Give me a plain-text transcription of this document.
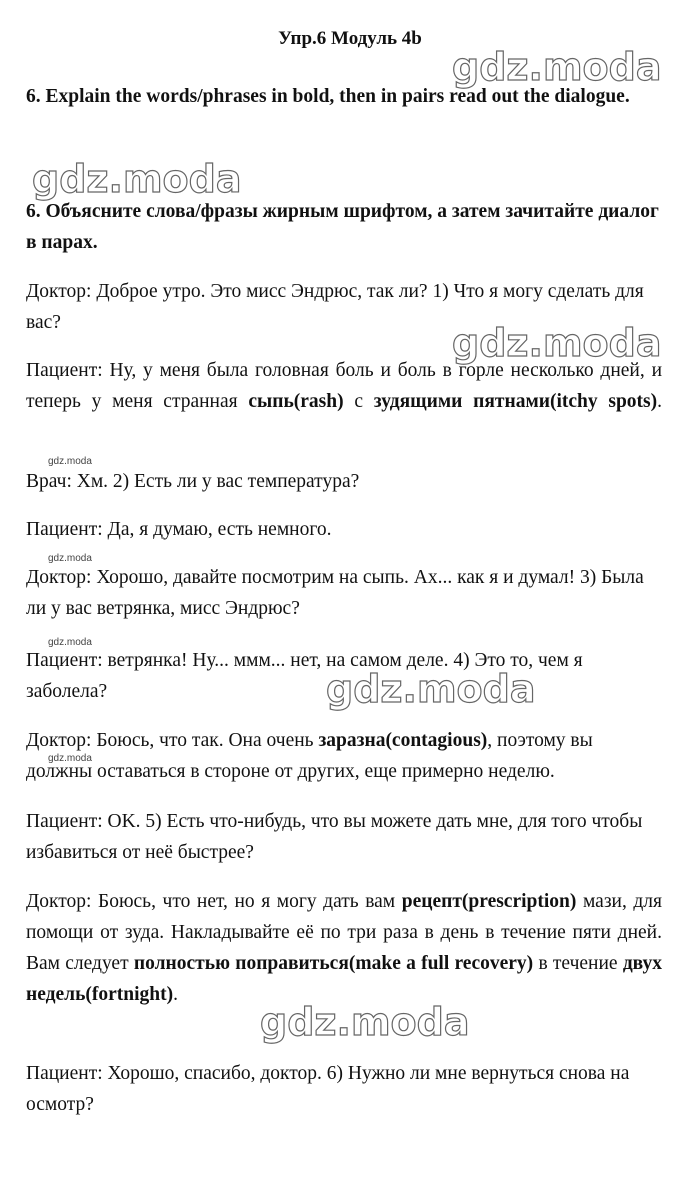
Упр.6 Модуль 4b
gdz.moda
gdz.moda
gdz.moda
gdz.moda
gdz.moda
gdz.moda
gdz.moda
gdz.moda
gdz.moda

6. Explain the words/phrases in bold, then in pairs read out the dialogue.

6. Объясните слова/фразы жирным шрифтом, а затем зачитайте диалог в парах.

Доктор: Доброе утро. Это мисс Эндрюс, так ли? 1) Что я могу сделать для вас?

Пациент: Ну, у меня была головная боль и боль в горле несколько дней, и теперь у меня странная сыпь(rash) с зудящими пятнами(itchy spots).

Врач: Хм. 2) Есть ли у вас температура?

Пациент: Да, я думаю, есть немного.

Доктор: Хорошо, давайте посмотрим на сыпь. Ах... как я и думал! 3) Была ли у вас ветрянка, мисс Эндрюс?

Пациент: ветрянка! Ну... ммм... нет, на самом деле. 4) Это то, чем я заболела?

Доктор: Боюсь, что так. Она очень заразна(contagious), поэтому вы должны оставаться в стороне от других, еще примерно неделю.

Пациент: OK. 5) Есть что-нибудь, что вы можете дать мне, для того чтобы избавиться от неё быстрее?

Доктор: Боюсь, что нет, но я могу дать вам рецепт(prescription) мази, для помощи от зуда. Накладывайте её по три раза в день в течение пяти дней. Вам следует полностью поправиться(make a full recovery) в течение двух недель(fortnight).

Пациент: Хорошо, спасибо, доктор. 6) Нужно ли мне вернуться снова на осмотр?
